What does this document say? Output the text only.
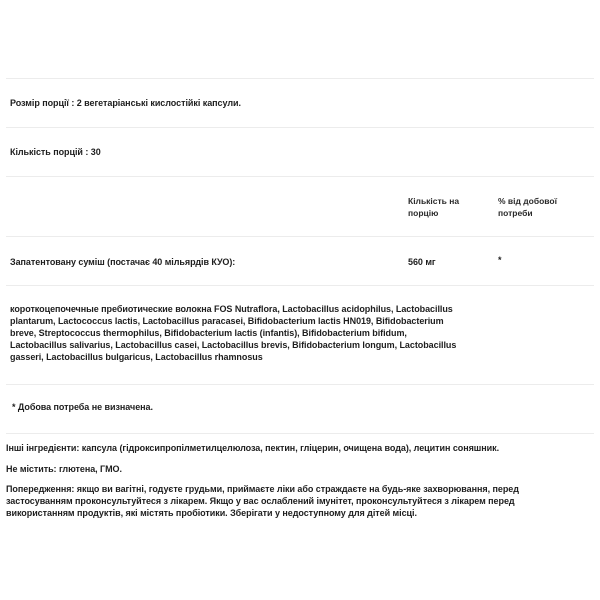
Розмір порції : 2 вегетаріанські кислостійкі капсули.
Кількість порцій : 30
Кількість на
порцію
% від добової
потреби
Запатентовану суміш (постачає 40 мільярдів КУО):	560 мг	*
короткоцепочечные пребиотические волокна FOS Nutraflora, Lactobacillus acidophilus, Lactobacillus
plantarum, Lactococcus lactis, Lactobacillus paracasei, Bifidobacterium lactis HN019, Bifidobacterium
breve, Streptococcus thermophilus, Bifidobacterium lactis (infantis), Bifidobacterium bifidum,
Lactobacillus salivarius, Lactobacillus casei, Lactobacillus brevis, Bifidobacterium longum, Lactobacillus
gasseri, Lactobacillus bulgaricus, Lactobacillus rhamnosus
* Добова потреба не визначена.
Інші інгредієнти: капсула (гідроксипропілметилцелюлоза, пектин, гліцерин, очищена вода), лецитин соняшник.
Не містить: глютена, ГМО.
Попередження: якщо ви вагітні, годуєте грудьми, приймаєте ліки або страждаєте на будь-яке захворювання, перед
застосуванням проконсультуйтеся з лікарем. Якщо у вас ослаблений імунітет, проконсультуйтеся з лікарем перед
використанням продуктів, які містять пробіотики. Зберігати у недоступному для дітей місці.
